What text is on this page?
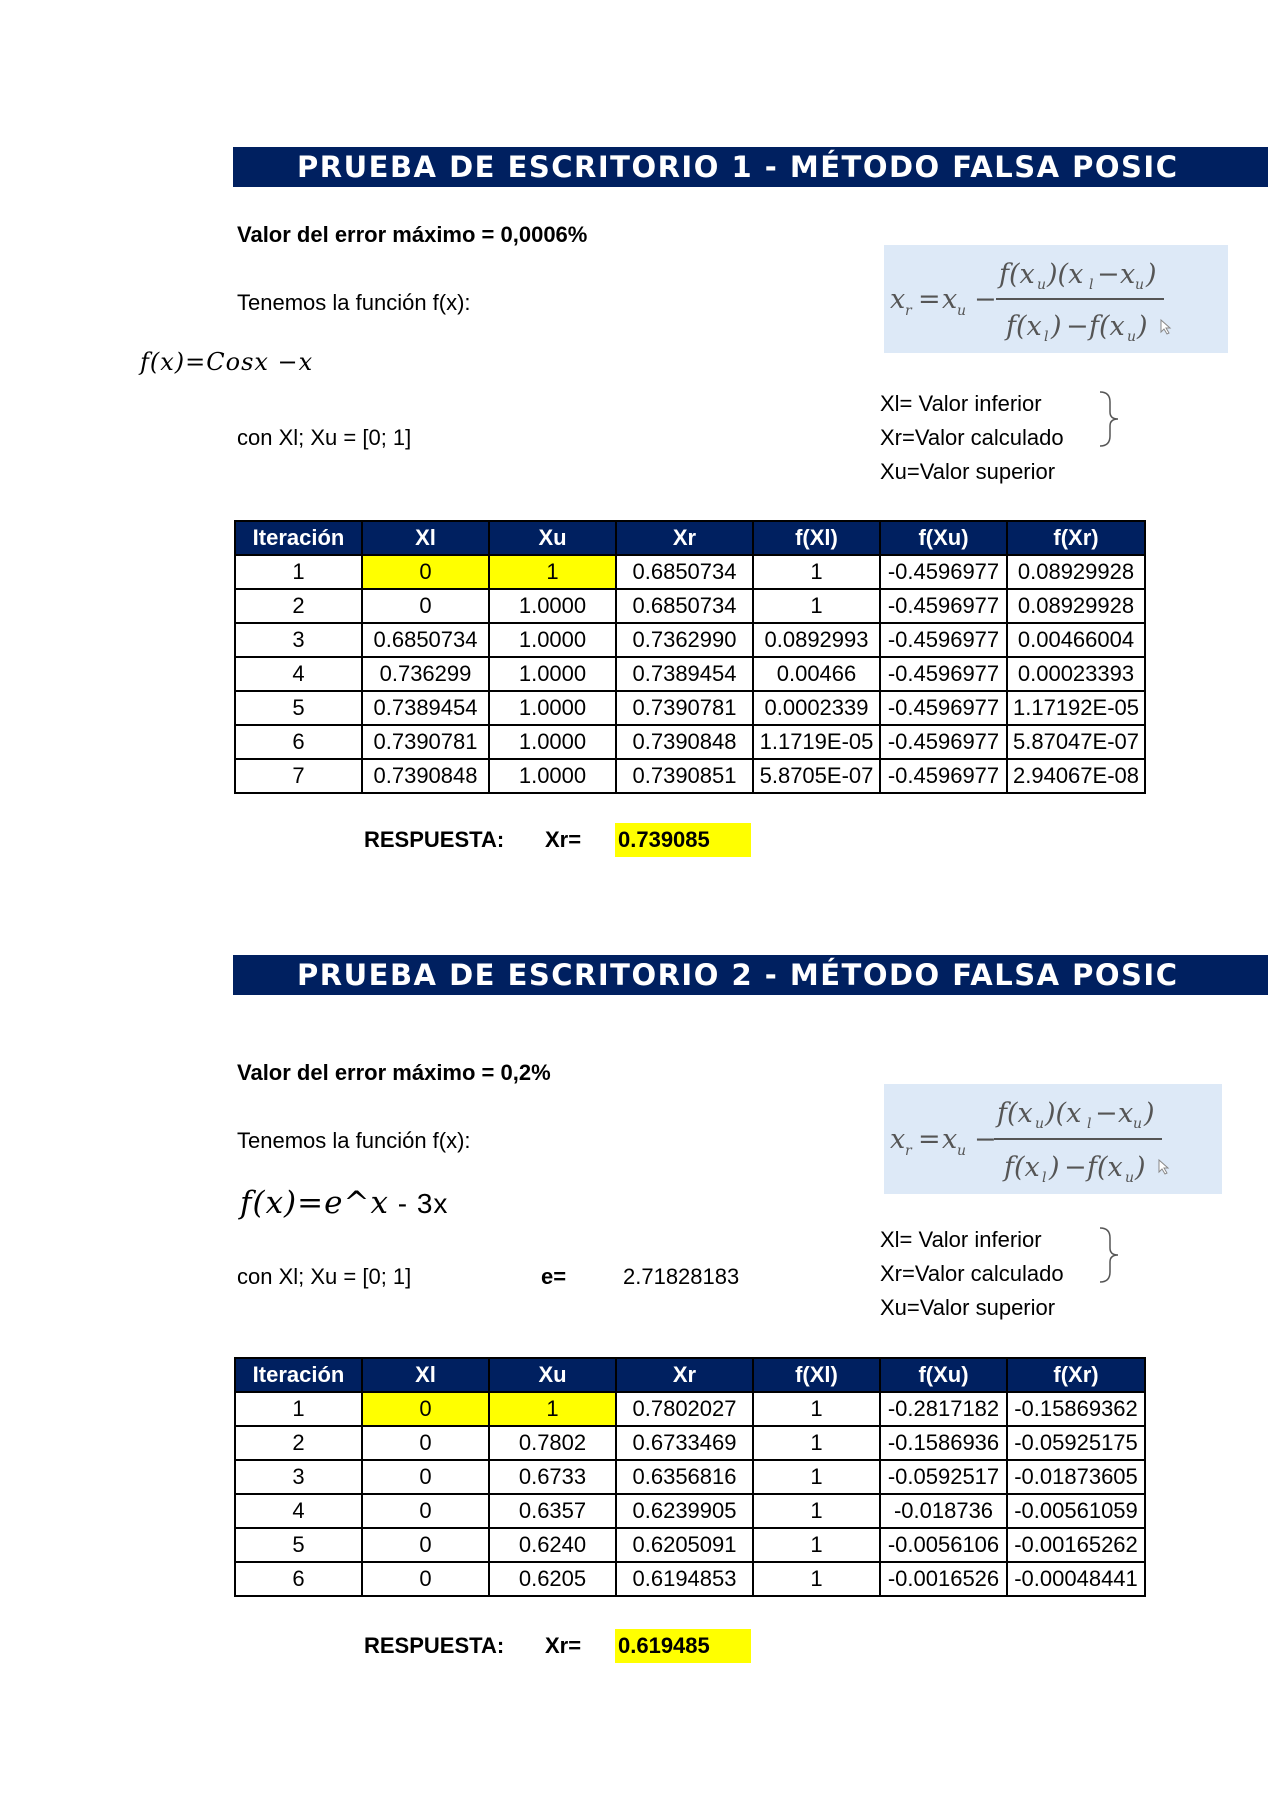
PRUEBA DE ESCRITORIO 1 - MÉTODO FALSA POSIC
Valor del error máximo = 0,0006%
Tenemos la función f(x):
f(x)=Cosx −x
con Xl; Xu = [0; 1]
x r = x u −
f(x u )(x l − x u )
f(x l ) − f(x u )
Xl= Valor inferior
Xr=Valor calculado
Xu=Valor superior
Iteración	Xl	Xu	Xr	f(Xl)	f(Xu)	f(Xr)
1	0	1	0.6850734	1	-0.4596977	0.08929928
2	0	1.0000	0.6850734	1	-0.4596977	0.08929928
3	0.6850734	1.0000	0.7362990	0.0892993	-0.4596977	0.00466004
4	0.736299	1.0000	0.7389454	0.00466	-0.4596977	0.00023393
5	0.7389454	1.0000	0.7390781	0.0002339	-0.4596977	1.17192E-05
6	0.7390781	1.0000	0.7390848	1.1719E-05	-0.4596977	5.87047E-07
7	0.7390848	1.0000	0.7390851	5.8705E-07	-0.4596977	2.94067E-08
RESPUESTA: Xr= 0.739085
PRUEBA DE ESCRITORIO 2 - MÉTODO FALSA POSIC
Valor del error máximo = 0,2%
Tenemos la función f(x):
f(x)=e^x - 3x
con Xl; Xu = [0; 1]	e=	2.71828183
x r = x u −
f(x u )(x l − x u )
f(x l ) − f(x u )
Xl= Valor inferior
Xr=Valor calculado
Xu=Valor superior
Iteración	Xl	Xu	Xr	f(Xl)	f(Xu)	f(Xr)
1	0	1	0.7802027	1	-0.2817182	-0.15869362
2	0	0.7802	0.6733469	1	-0.1586936	-0.05925175
3	0	0.6733	0.6356816	1	-0.0592517	-0.01873605
4	0	0.6357	0.6239905	1	-0.018736	-0.00561059
5	0	0.6240	0.6205091	1	-0.0056106	-0.00165262
6	0	0.6205	0.6194853	1	-0.0016526	-0.00048441
RESPUESTA: Xr= 0.619485
